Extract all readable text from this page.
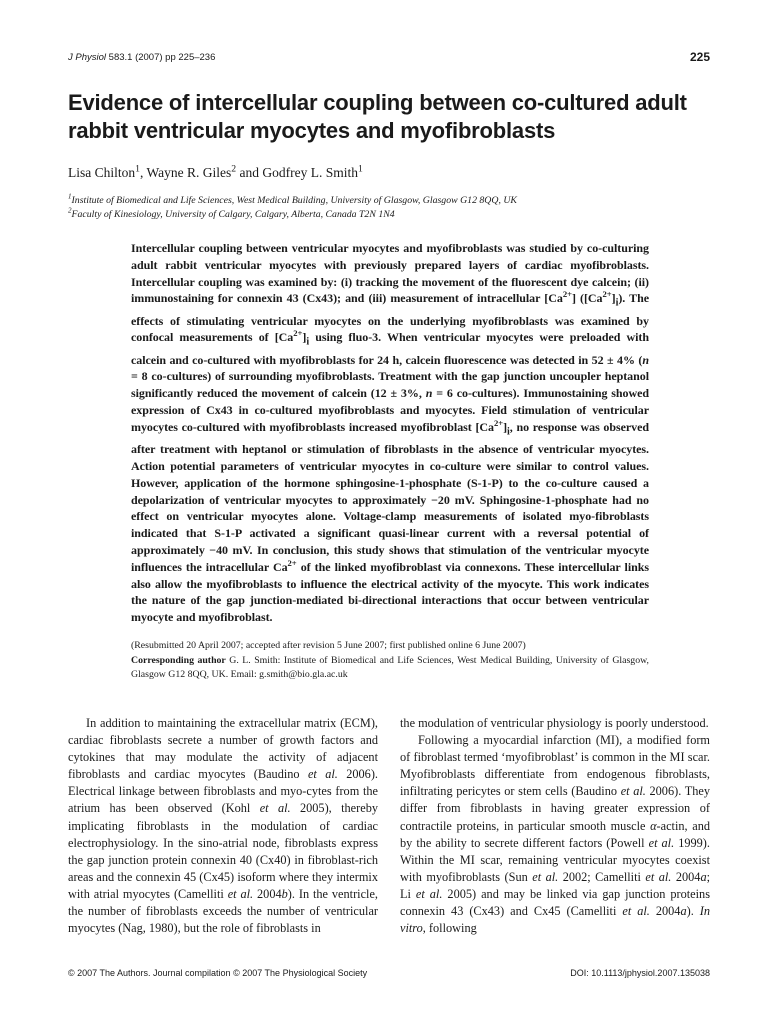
J Physiol 583.1 (2007) pp 225–236	225
Evidence of intercellular coupling between co-cultured adult rabbit ventricular myocytes and myofibroblasts
Lisa Chilton$^1$, Wayne R. Giles$^2$ and Godfrey L. Smith$^1$
$^1$Institute of Biomedical and Life Sciences, West Medical Building, University of Glasgow, Glasgow G12 8QQ, UK
$^2$Faculty of Kinesiology, University of Calgary, Calgary, Alberta, Canada T2N 1N4

Intercellular coupling between ventricular myocytes and myofibroblasts was studied by co-culturing adult rabbit ventricular myocytes with previously prepared layers of cardiac myofibroblasts. Intercellular coupling was examined by: (i) tracking the movement of the fluorescent dye calcein; (ii) immunostaining for connexin 43 (Cx43); and (iii) measurement of intracellular $[Ca^{2+}]$ $([Ca^{2+}]_i)$. The effects of stimulating ventricular myocytes on the underlying myofibroblasts was examined by confocal measurements of $[Ca^{2+}]_i$ using fluo-3. When ventricular myocytes were preloaded with calcein and co-cultured with myofibroblasts for 24 h, calcein fluorescence was detected in 52 ± 4% (n = 8 co-cultures) of surrounding myofibroblasts. Treatment with the gap junction uncoupler heptanol significantly reduced the movement of calcein (12 ± 3%, n = 6 co-cultures). Immunostaining showed expression of Cx43 in co-cultured myofibroblasts and myocytes. Field stimulation of ventricular myocytes co-cultured with myofibroblasts increased myofibroblast $[Ca^{2+}]_i$, no response was observed after treatment with heptanol or stimulation of fibroblasts in the absence of ventricular myocytes. Action potential parameters of ventricular myocytes in co-culture were similar to control values. However, application of the hormone sphingosine-1-phosphate (S-1-P) to the co-culture caused a depolarization of ventricular myocytes to approximately −20 mV. Sphingosine-1-phosphate had no effect on ventricular myocytes alone. Voltage-clamp measurements of isolated myo-fibroblasts indicated that S-1-P activated a significant quasi-linear current with a reversal potential of approximately −40 mV. In conclusion, this study shows that stimulation of the ventricular myocyte influences the intracellular $Ca^{2+}$ of the linked myofibroblast via connexons. These intercellular links also allow the myofibroblasts to influence the electrical activity of the myocyte. This work indicates the nature of the gap junction-mediated bi-directional interactions that occur between ventricular myocyte and myofibroblast.

(Resubmitted 20 April 2007; accepted after revision 5 June 2007; first published online 6 June 2007)
Corresponding author G. L. Smith: Institute of Biomedical and Life Sciences, West Medical Building, University of Glasgow, Glasgow G12 8QQ, UK. Email: g.smith@bio.gla.ac.uk

In addition to maintaining the extracellular matrix (ECM), cardiac fibroblasts secrete a number of growth factors and cytokines that may modulate the activity of adjacent fibroblasts and cardiac myocytes (Baudino et al. 2006). Electrical linkage between fibroblasts and myo-cytes from the atrium has been observed (Kohl et al. 2005), thereby implicating fibroblasts in the modulation of cardiac electrophysiology. In the sino-atrial node, fibroblasts express the gap junction protein connexin 40 (Cx40) in fibroblast-rich areas and the connexin 45 (Cx45) isoform where they intermix with atrial myocytes (Camelliti et al. 2004b). In the ventricle, the number of fibroblasts exceeds the number of ventricular myocytes (Nag, 1980), but the role of fibroblasts in

the modulation of ventricular physiology is poorly understood.

Following a myocardial infarction (MI), a modified form of fibroblast termed ‘myofibroblast’ is common in the MI scar. Myofibroblasts differentiate from endogenous fibroblasts, infiltrating pericytes or stem cells (Baudino et al. 2006). They differ from fibroblasts in having greater expression of contractile proteins, in particular smooth muscle α-actin, and by the ability to secrete different factors (Powell et al. 1999). Within the MI scar, remaining ventricular myocytes coexist with myofibroblasts (Sun et al. 2002; Camelliti et al. 2004a; Li et al. 2005) and may be linked via gap junction proteins connexin 43 (Cx43) and Cx45 (Camelliti et al. 2004a). In vitro, following

© 2007 The Authors. Journal compilation © 2007 The Physiological Society	DOI: 10.1113/jphysiol.2007.135038
